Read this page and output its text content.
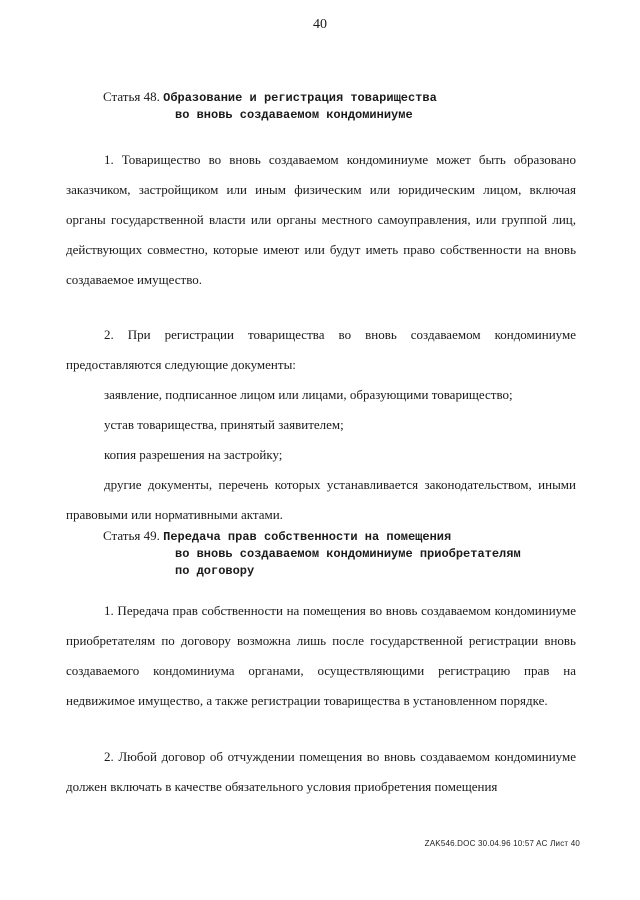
40
Статья 48. Образование и регистрация товарищества
во вновь создаваемом кондоминиуме

1. Товарищество во вновь создаваемом кондоминиуме может быть образовано заказчиком, застройщиком или иным физическим или юридическим лицом, включая органы государственной власти или органы местного самоуправления, или группой лиц, действующих совместно, которые имеют или будут иметь право собственности на вновь создаваемое имущество.

2. При регистрации товарищества во вновь создаваемом кондоминиуме предоставляются следующие документы:

заявление, подписанное лицом или лицами, образующими товарищество;

устав товарищества, принятый заявителем;

копия разрешения на застройку;

другие документы, перечень которых устанавливается законодательством, иными правовыми или нормативными актами.

Статья 49. Передача прав собственности на помещения
во вновь создаваемом кондоминиуме приобретателям
по договору

1. Передача прав собственности на помещения во вновь создаваемом кондоминиуме приобретателям по договору возможна лишь после государственной регистрации вновь создаваемого кондоминиума органами, осуществляющими регистрацию прав на недвижимое имущество, а также регистрации товарищества в установленном порядке.

2. Любой договор об отчуждении помещения во вновь создаваемом кондоминиуме должен включать в качестве обязательного условия приобретения помещения

ZAK546.DOC 30.04.96 10:57 AC Лист 40
